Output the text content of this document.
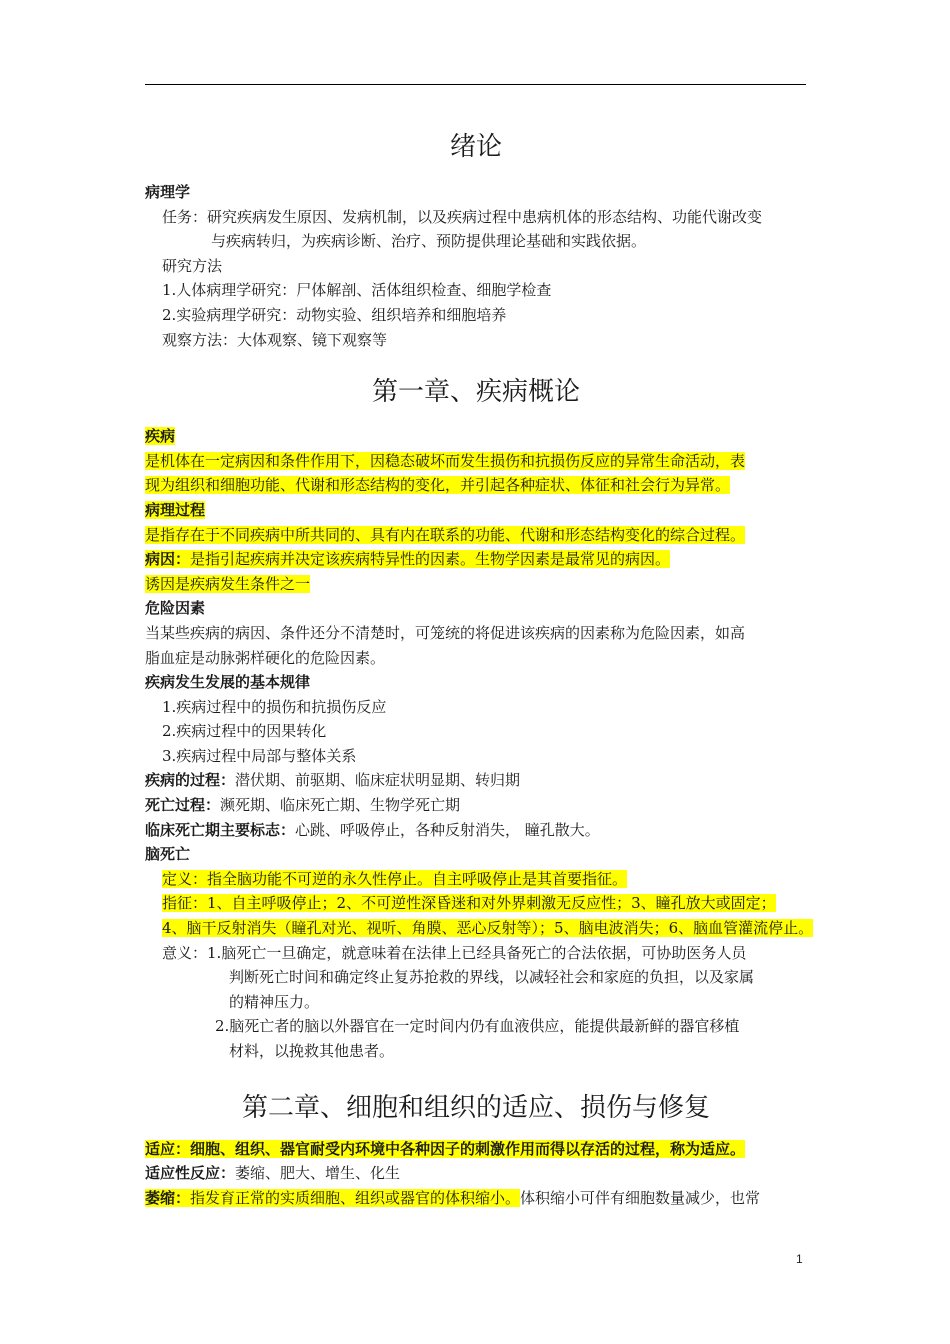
绪论
病理学
任务：研究疾病发生原因、发病机制，以及疾病过程中患病机体的形态结构、功能代谢改变
与疾病转归，为疾病诊断、治疗、预防提供理论基础和实践依据。
研究方法
1.人体病理学研究：尸体解剖、活体组织检查、细胞学检查
2.实验病理学研究：动物实验、组织培养和细胞培养
观察方法：大体观察、镜下观察等
第一章、疾病概论
疾病
是机体在一定病因和条件作用下，因稳态破坏而发生损伤和抗损伤反应的异常生命活动，表
现为组织和细胞功能、代谢和形态结构的变化，并引起各种症状、体征和社会行为异常。
病理过程
是指存在于不同疾病中所共同的、具有内在联系的功能、代谢和形态结构变化的综合过程。
病因：是指引起疾病并决定该疾病特异性的因素。生物学因素是最常见的病因。
诱因是疾病发生条件之一
危险因素
当某些疾病的病因、条件还分不清楚时，可笼统的将促进该疾病的因素称为危险因素，如高
脂血症是动脉粥样硬化的危险因素。
疾病发生发展的基本规律
1.疾病过程中的损伤和抗损伤反应
2.疾病过程中的因果转化
3.疾病过程中局部与整体关系
疾病的过程：潜伏期、前驱期、临床症状明显期、转归期
死亡过程：濒死期、临床死亡期、生物学死亡期
临床死亡期主要标志：心跳、呼吸停止，各种反射消失， 瞳孔散大。
脑死亡
定义：指全脑功能不可逆的永久性停止。自主呼吸停止是其首要指征。
指征：1、自主呼吸停止；2、不可逆性深昏迷和对外界刺激无反应性；3、瞳孔放大或固定；
4、脑干反射消失（瞳孔对光、视听、角膜、恶心反射等）；5、脑电波消失；6、脑血管灌流停止。
意义：1.脑死亡一旦确定，就意味着在法律上已经具备死亡的合法依据，可协助医务人员
判断死亡时间和确定终止复苏抢救的界线，以减轻社会和家庭的负担，以及家属
的精神压力。
2.脑死亡者的脑以外器官在一定时间内仍有血液供应，能提供最新鲜的器官移植
材料，以挽救其他患者。
第二章、细胞和组织的适应、损伤与修复
适应：细胞、组织、器官耐受内环境中各种因子的刺激作用而得以存活的过程，称为适应。
适应性反应：萎缩、肥大、增生、化生
萎缩：指发育正常的实质细胞、组织或器官的体积缩小。体积缩小可伴有细胞数量减少，也常
1
